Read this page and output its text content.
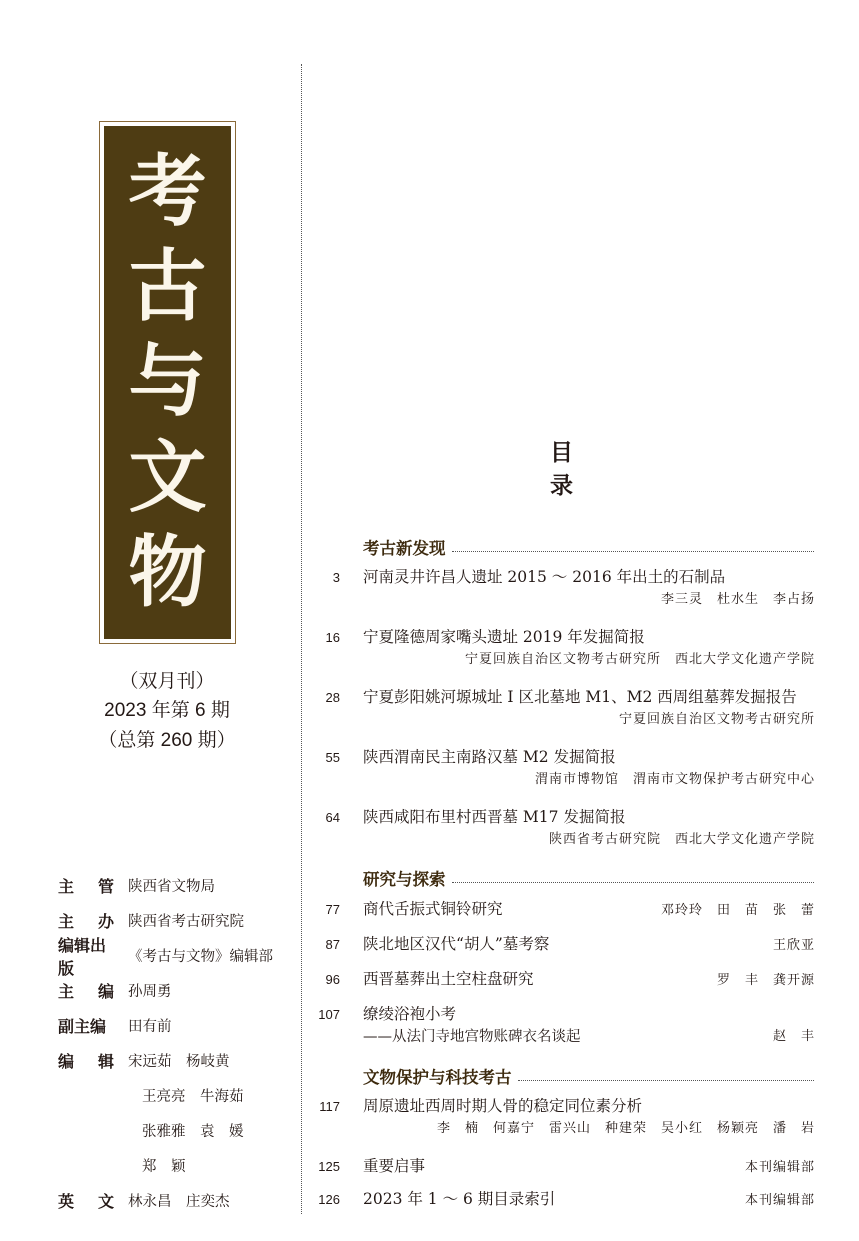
考
古
与
文
物
（双月刊）
2023 年第 6 期
（总第 260 期）
主 管 陕西省文物局
主 办 陕西省考古研究院
编辑出版
《考古与文物》编辑部
主 编 孙周勇
副主编 田有前
编 辑 宋远茹　杨岐黄
王亮亮　牛海茹
张雅雅　袁　媛
郑　颖
英 文 林永昌　庄奕杰
目录
考古新发现
3	河南灵井许昌人遗址 2015 ～ 2016 年出土的石制品
李三灵　杜水生　李占扬
16	宁夏隆德周家嘴头遗址 2019 年发掘简报
宁夏回族自治区文物考古研究所　西北大学文化遗产学院
28	宁夏彭阳姚河塬城址 I 区北墓地 M1、M2 西周组墓葬发掘报告
宁夏回族自治区文物考古研究所
55	陕西渭南民主南路汉墓 M2 发掘简报
渭南市博物馆　渭南市文物保护考古研究中心
64	陕西咸阳布里村西晋墓 M17 发掘简报
陕西省考古研究院　西北大学文化遗产学院
研究与探索
77	商代舌振式铜铃研究	邓玲玲　田　苗　张　蕾
87	陕北地区汉代“胡人”墓考察	王欣亚
96	西晋墓葬出土空柱盘研究	罗　丰　龚开源
107	缭绫浴袍小考
——从法门寺地宫物账碑衣名谈起	赵　丰
文物保护与科技考古
117	周原遗址西周时期人骨的稳定同位素分析
李　楠　何嘉宁　雷兴山　种建荣　吴小红　杨颖亮　潘　岩
125	重要启事	本刊编辑部
126	2023 年 1 ～ 6 期目录索引	本刊编辑部
